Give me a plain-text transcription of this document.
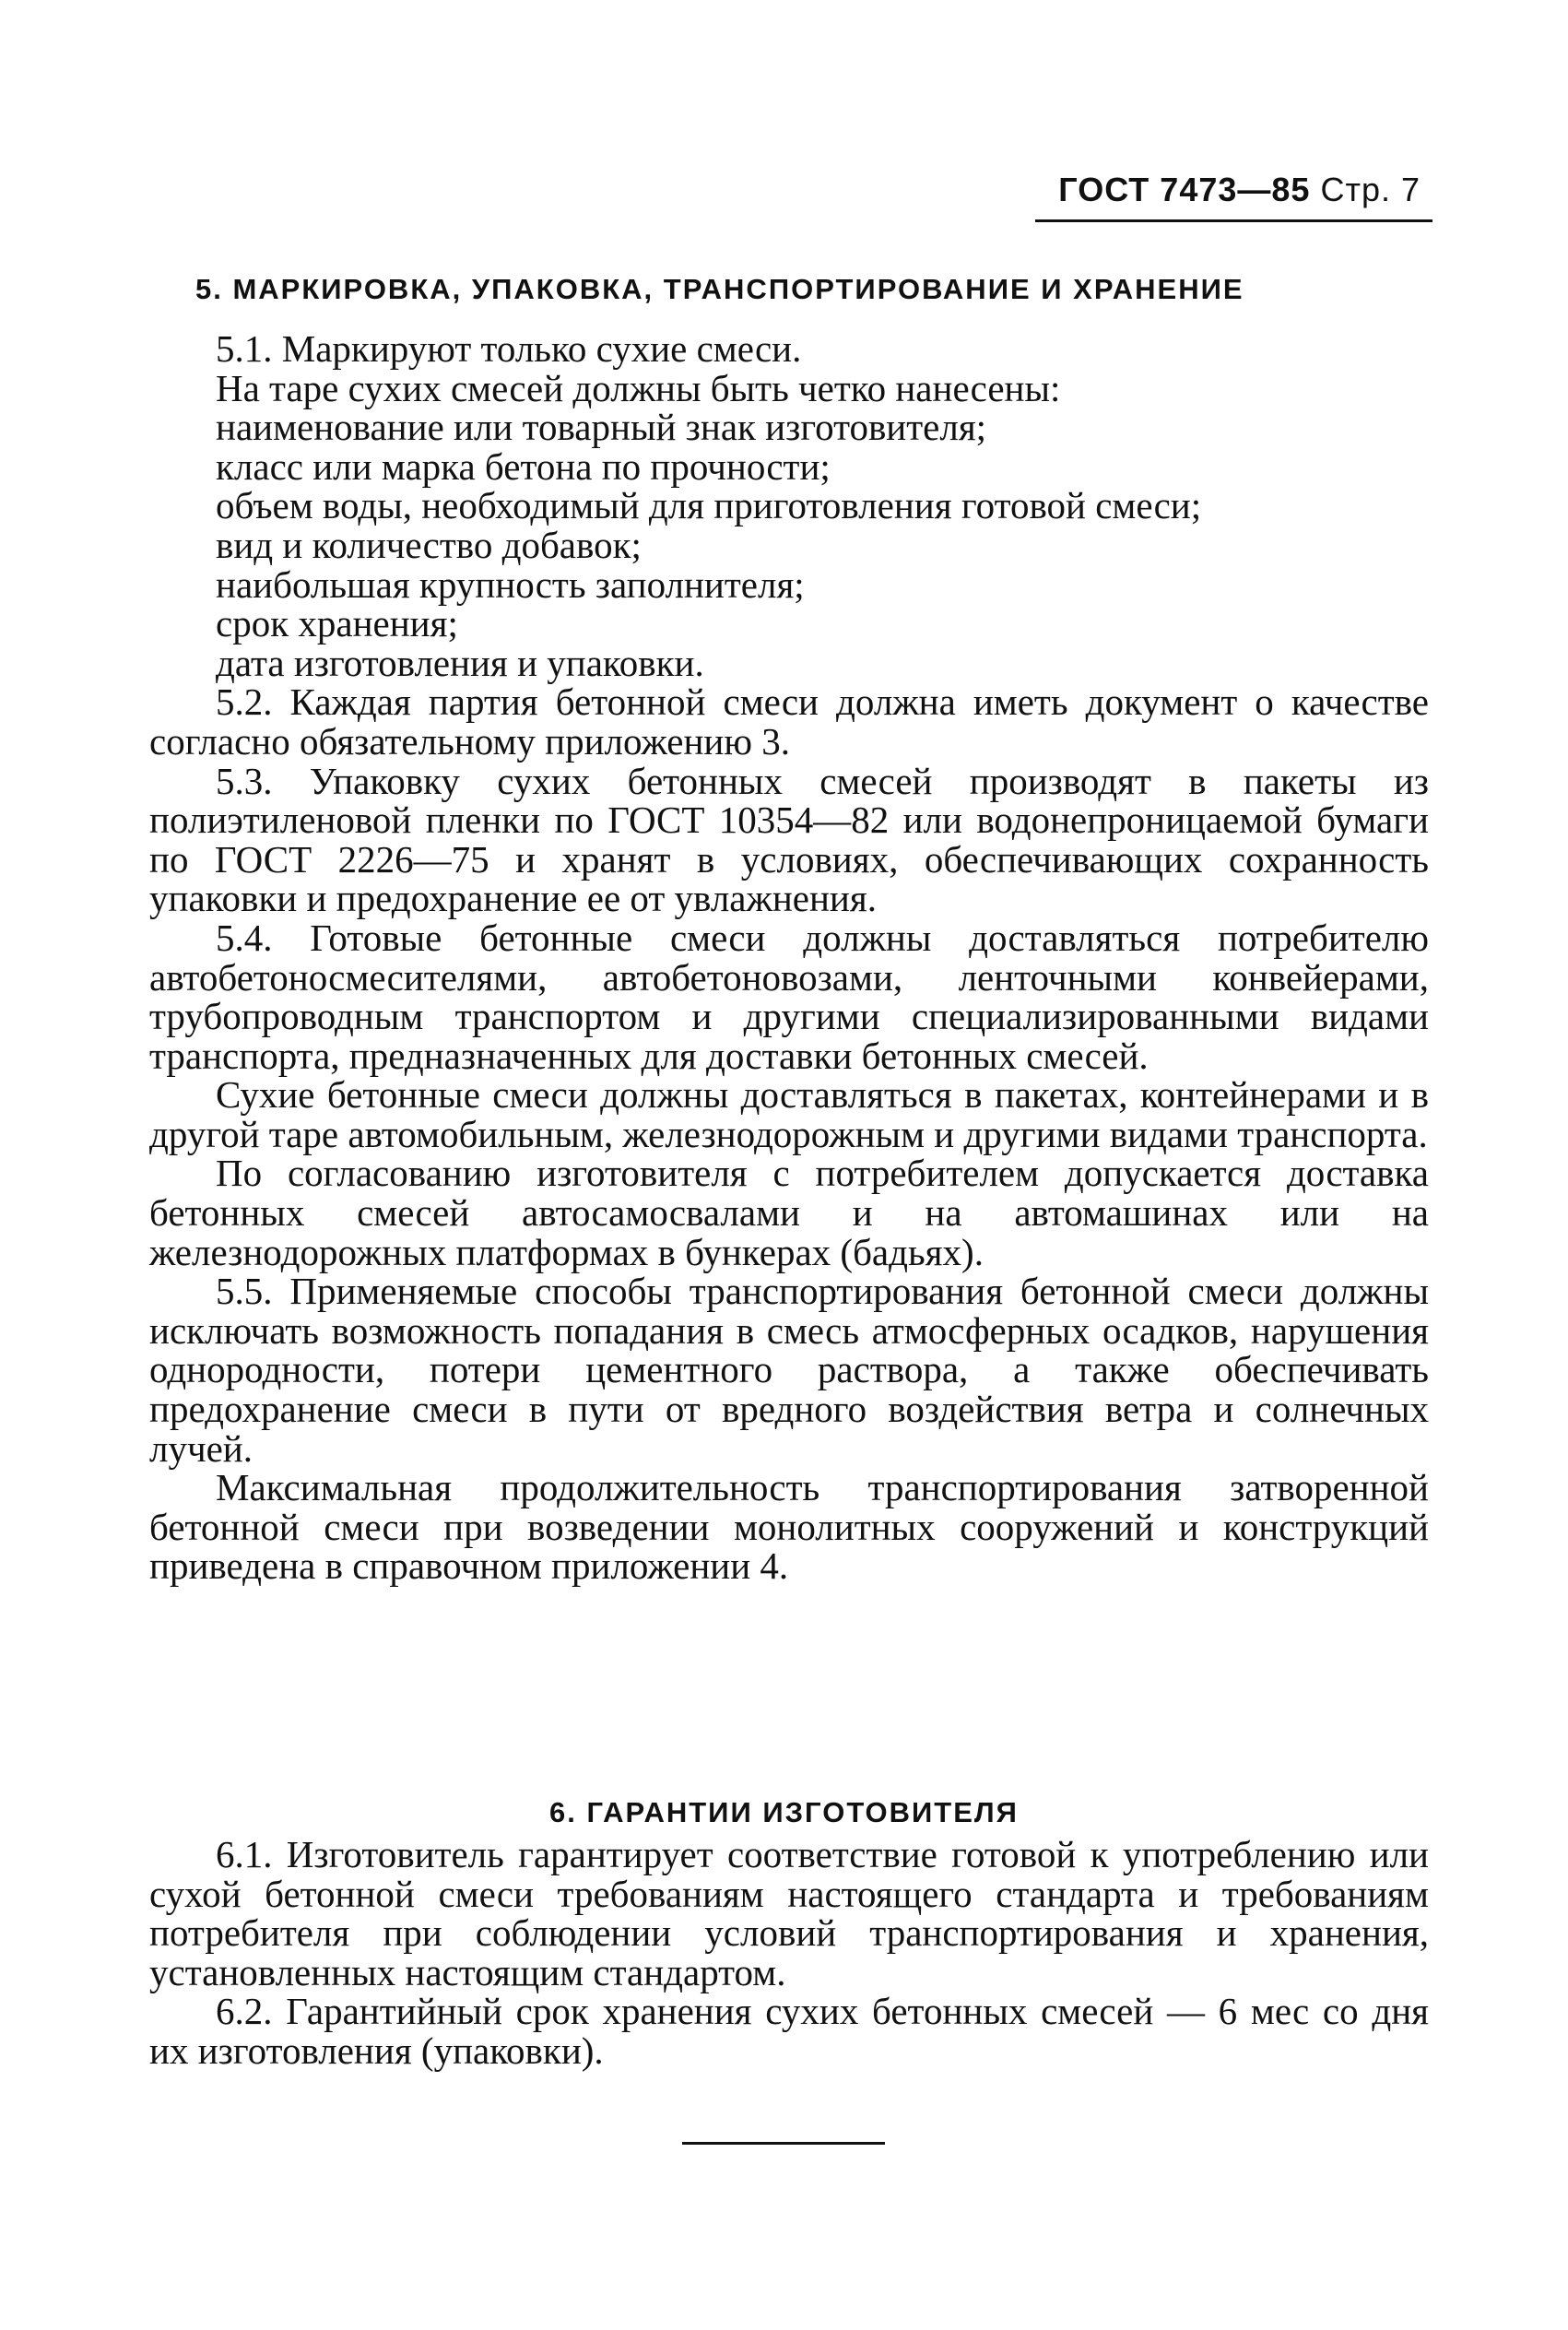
ГОСТ 7473—85 Стр. 7
5. МАРКИРОВКА, УПАКОВКА, ТРАНСПОРТИРОВАНИЕ И ХРАНЕНИЕ

5.1. Маркируют только сухие смеси.

На таре сухих смесей должны быть четко нанесены:

наименование или товарный знак изготовителя;

класс или марка бетона по прочности;

объем воды, необходимый для приготовления готовой смеси;

вид и количество добавок;

наибольшая крупность заполнителя;

срок хранения;

дата изготовления и упаковки.

5.2. Каждая партия бетонной смеси должна иметь документ о качестве согласно обязательному приложению 3.

5.3. Упаковку сухих бетонных смесей производят в пакеты из полиэтиленовой пленки по ГОСТ 10354—82 или водонепроницаемой бумаги по ГОСТ 2226—75 и хранят в условиях, обеспечивающих сохранность упаковки и предохранение ее от увлажнения.

5.4. Готовые бетонные смеси должны доставляться потребителю автобетоносмесителями, автобетоновозами, ленточными конвейерами, трубопроводным транспортом и другими специализированными видами транспорта, предназначенных для доставки бетонных смесей.

Сухие бетонные смеси должны доставляться в пакетах, контейнерами и в другой таре автомобильным, железнодорожным и другими видами транспорта.

По согласованию изготовителя с потребителем допускается доставка бетонных смесей автосамосвалами и на автомашинах или на железнодорожных платформах в бункерах (бадьях).

5.5. Применяемые способы транспортирования бетонной смеси должны исключать возможность попадания в смесь атмосферных осадков, нарушения однородности, потери цементного раствора, а также обеспечивать предохранение смеси в пути от вредного воздействия ветра и солнечных лучей.

Максимальная продолжительность транспортирования затворенной бетонной смеси при возведении монолитных сооружений и конструкций приведена в справочном приложении 4.

6. ГАРАНТИИ ИЗГОТОВИТЕЛЯ

6.1. Изготовитель гарантирует соответствие готовой к употреблению или сухой бетонной смеси требованиям настоящего стандарта и требованиям потребителя при соблюдении условий транспортирования и хранения, установленных настоящим стандартом.

6.2. Гарантийный срок хранения сухих бетонных смесей — 6 мес со дня их изготовления (упаковки).
